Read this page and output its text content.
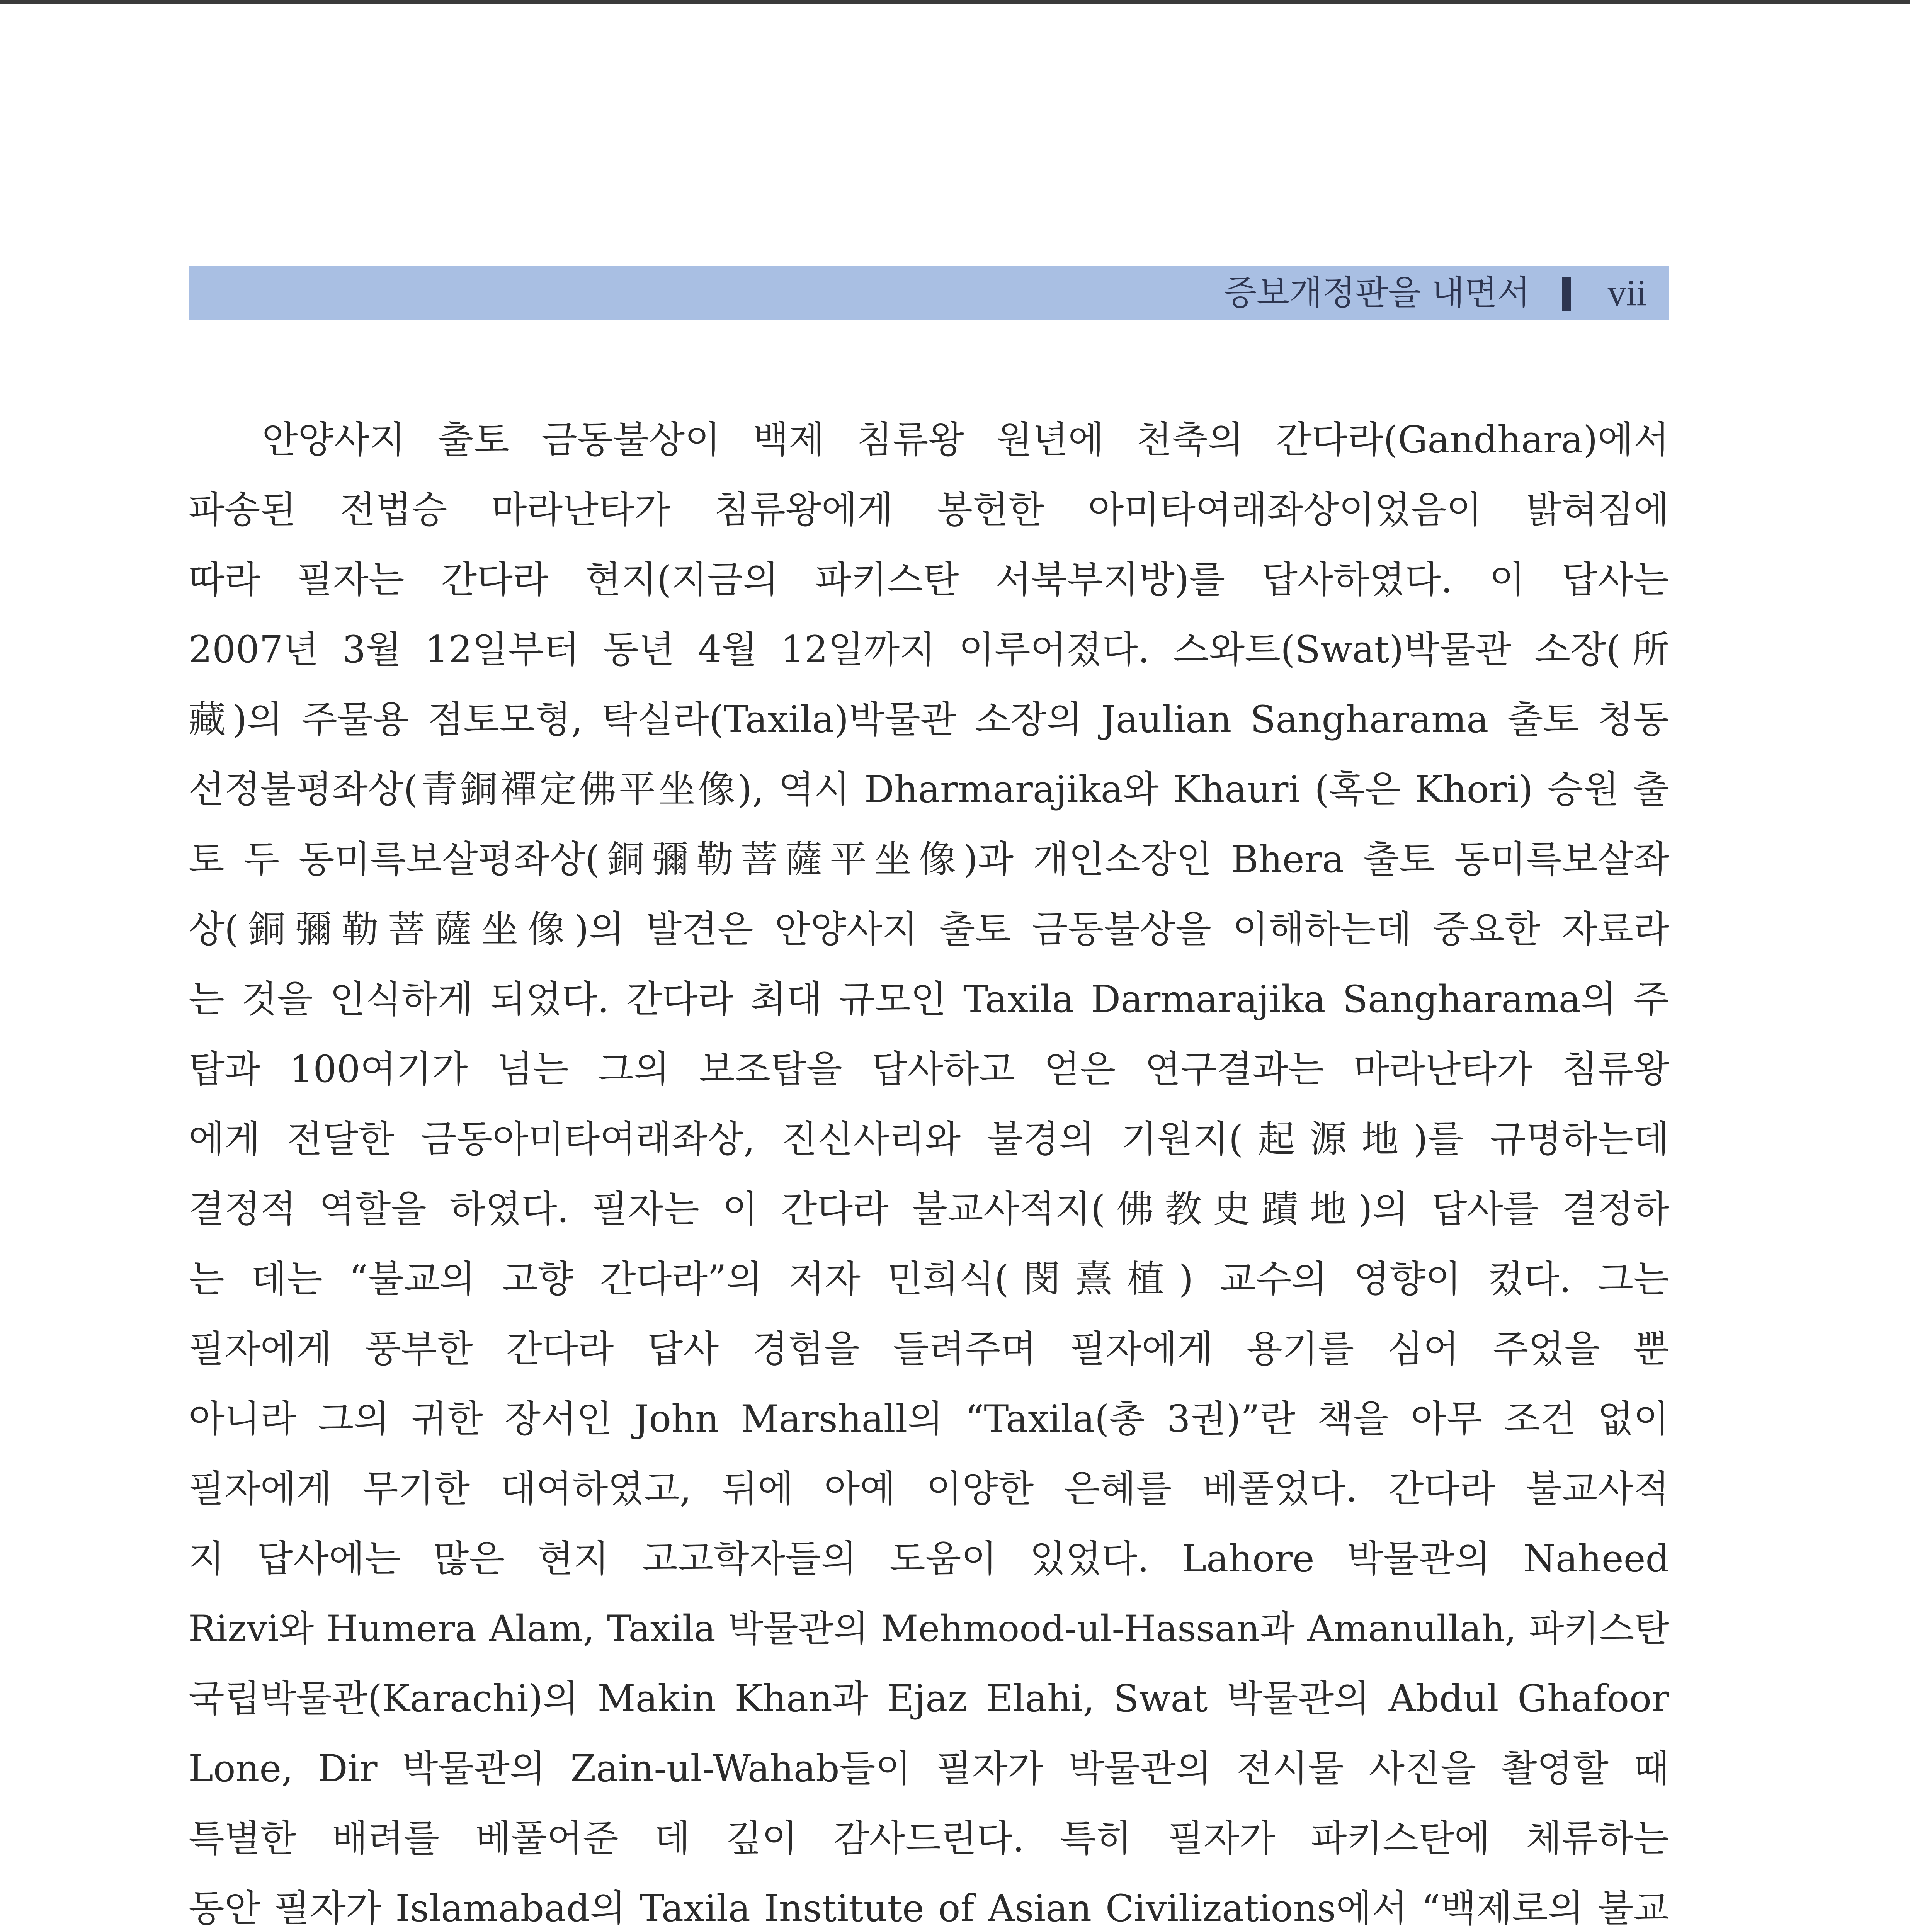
증보개정판을 내면서 vii
안양사지 출토 금동불상이 백제 침류왕 원년에 천축의 간다라(Gandhara)에서
파송된 전법승 마라난타가 침류왕에게 봉헌한 아미타여래좌상이었음이 밝혀짐에
따라 필자는 간다라 현지(지금의 파키스탄 서북부지방)를 답사하였다. 이 답사는
2007년 3월 12일부터 동년 4월 12일까지 이루어졌다. 스와트(Swat)박물관 소장(所
藏)의 주물용 점토모형, 탁실라(Taxila)박물관 소장의 Jaulian Sangharama 출토 청동
선정불평좌상(青銅禪定佛平坐像), 역시 Dharmarajika와 Khauri (혹은 Khori) 승원 출
토 두 동미륵보살평좌상(銅彌勒菩薩平坐像)과 개인소장인 Bhera 출토 동미륵보살좌
상(銅彌勒菩薩坐像)의 발견은 안양사지 출토 금동불상을 이해하는데 중요한 자료라
는 것을 인식하게 되었다. 간다라 최대 규모인 Taxila Darmarajika Sangharama의 주
탑과 100여기가 넘는 그의 보조탑을 답사하고 얻은 연구결과는 마라난타가 침류왕
에게 전달한 금동아미타여래좌상, 진신사리와 불경의 기원지(起源地)를 규명하는데
결정적 역할을 하였다. 필자는 이 간다라 불교사적지(佛教史蹟地)의 답사를 결정하
는 데는 “불교의 고향 간다라”의 저자 민희식(閔熹植) 교수의 영향이 컸다. 그는
필자에게 풍부한 간다라 답사 경험을 들려주며 필자에게 용기를 심어 주었을 뿐
아니라 그의 귀한 장서인 John Marshall의 “Taxila(총 3권)”란 책을 아무 조건 없이
필자에게 무기한 대여하였고, 뒤에 아예 이양한 은혜를 베풀었다. 간다라 불교사적
지 답사에는 많은 현지 고고학자들의 도움이 있었다. Lahore 박물관의 Naheed
Rizvi와 Humera Alam, Taxila 박물관의 Mehmood-ul-Hassan과 Amanullah, 파키스탄
국립박물관(Karachi)의 Makin Khan과 Ejaz Elahi, Swat 박물관의 Abdul Ghafoor
Lone, Dir 박물관의 Zain-ul-Wahab들이 필자가 박물관의 전시물 사진을 촬영할 때
특별한 배려를 베풀어준 데 깊이 감사드린다. 특히 필자가 파키스탄에 체류하는
동안 필자가 Islamabad의 Taxila Institute of Asian Civilizations에서 “백제로의 불교
